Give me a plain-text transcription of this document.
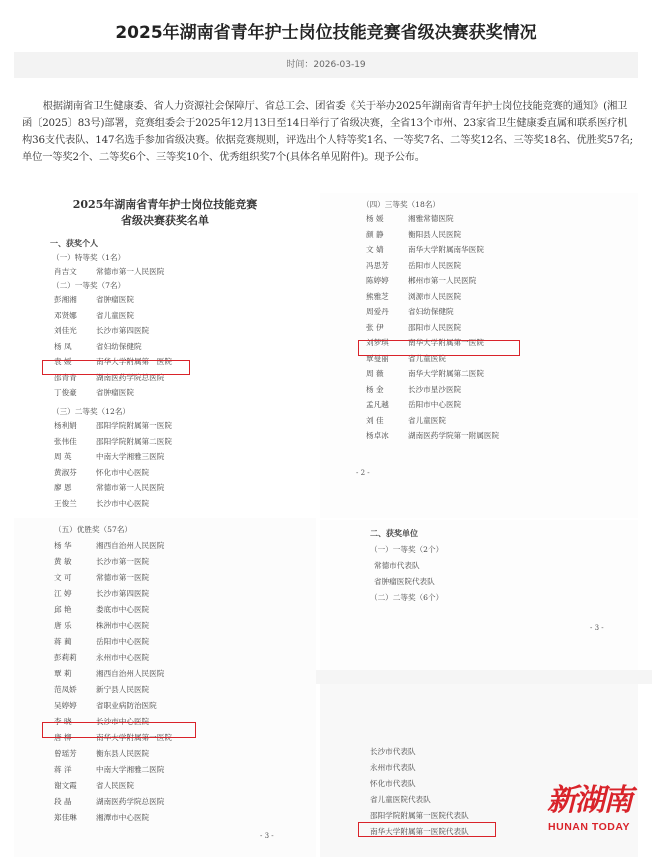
2025年湖南省青年护士岗位技能竞赛省级决赛获奖情况
时间：2026-03-19
根据湖南省卫生健康委、省人力资源社会保障厅、省总工会、团省委《关于举办2025年湖南省青年护士岗位技能竞赛的通知》(湘卫函〔2025〕83号)部署，竞赛组委会于2025年12月13日至14日举行了省级决赛，全省13个市州、23家省卫生健康委直属和联系医疗机构36支代表队、147名选手参加省级决赛。依据竞赛规则，评选出个人特等奖1名、一等奖7名、二等奖12名、三等奖18名、优胜奖57名;单位一等奖2个、二等奖6个、三等奖10个、优秀组织奖7个(具体名单见附件)。现予公布。
2025年湖南省青年护士岗位技能竞赛
省级决赛获奖名单
一、获奖个人
（一）特等奖（1名）
（二）一等奖（7名）
（三）二等奖（12名）
肖吉文	常德市第一人民医院
彭湘湘	省肿瘤医院
邓贤娜	省儿童医院
刘佳光	长沙市第四医院
杨 凤	省妇幼保健院
袁 媛	南华大学附属第一医院
邵青青	湖南医药学院总医院
丁俊豪	省肿瘤医院
杨利娟	邵阳学院附属第一医院
张伟佳	邵阳学院附属第二医院
周 英	中南大学湘雅三医院
黄淑芬	怀化市中心医院
廖 恩	常德市第一人民医院
王俊兰	长沙市中心医院
（四）三等奖（18名）
- 2 -
杨 媛	湘雅常德医院
颜 静	衡阳县人民医院
文 婧	南华大学附属南华医院
冯思芳	岳阳市人民医院
陈婷婷	郴州市第一人民医院
熊雅芝	浏源市人民医院
周爱丹	省妇幼保健院
张 伊	邵阳市人民医院
刘梦琪	南华大学附属第一医院
覃曼丽	省儿童医院
周 薇	南华大学附属第二医院
杨 金	长沙市星沙医院
孟凡越	岳阳市中心医院
刘 佳	省儿童医院
杨卓冰	湖南医药学院第一附属医院
（五）优胜奖（57名）
- 3 -
杨 华	湘西自治州人民医院
黄 敏	长沙市第一医院
文 可	常德市第一医院
江 婷	长沙市第四医院
邱 艳	娄底市中心医院
唐 乐	株洲市中心医院
蒋 蔺	岳阳市中心医院
彭莉莉	永州市中心医院
覃 莉	湘西自治州人民医院
范凤娇	新宁县人民医院
吴婷婷	省职业病防治医院
李 晓	长沙市中心医院
唐 柳	南华大学附属第一医院
曾瑶芳	衡东县人民医院
蒋 洋	中南大学湘雅二医院
谢文霞	省人民医院
段 晶	湖南医药学院总医院
郑佳琳	湘潭市中心医院
二、获奖单位
（一）一等奖（2个）
常德市代表队
省肿瘤医院代表队
（二）二等奖（6个）
- 3 -
长沙市代表队
永州市代表队
怀化市代表队
省儿童医院代表队
邵阳学院附属第一医院代表队
南华大学附属第一医院代表队
新湖南
HUNAN TODAY
